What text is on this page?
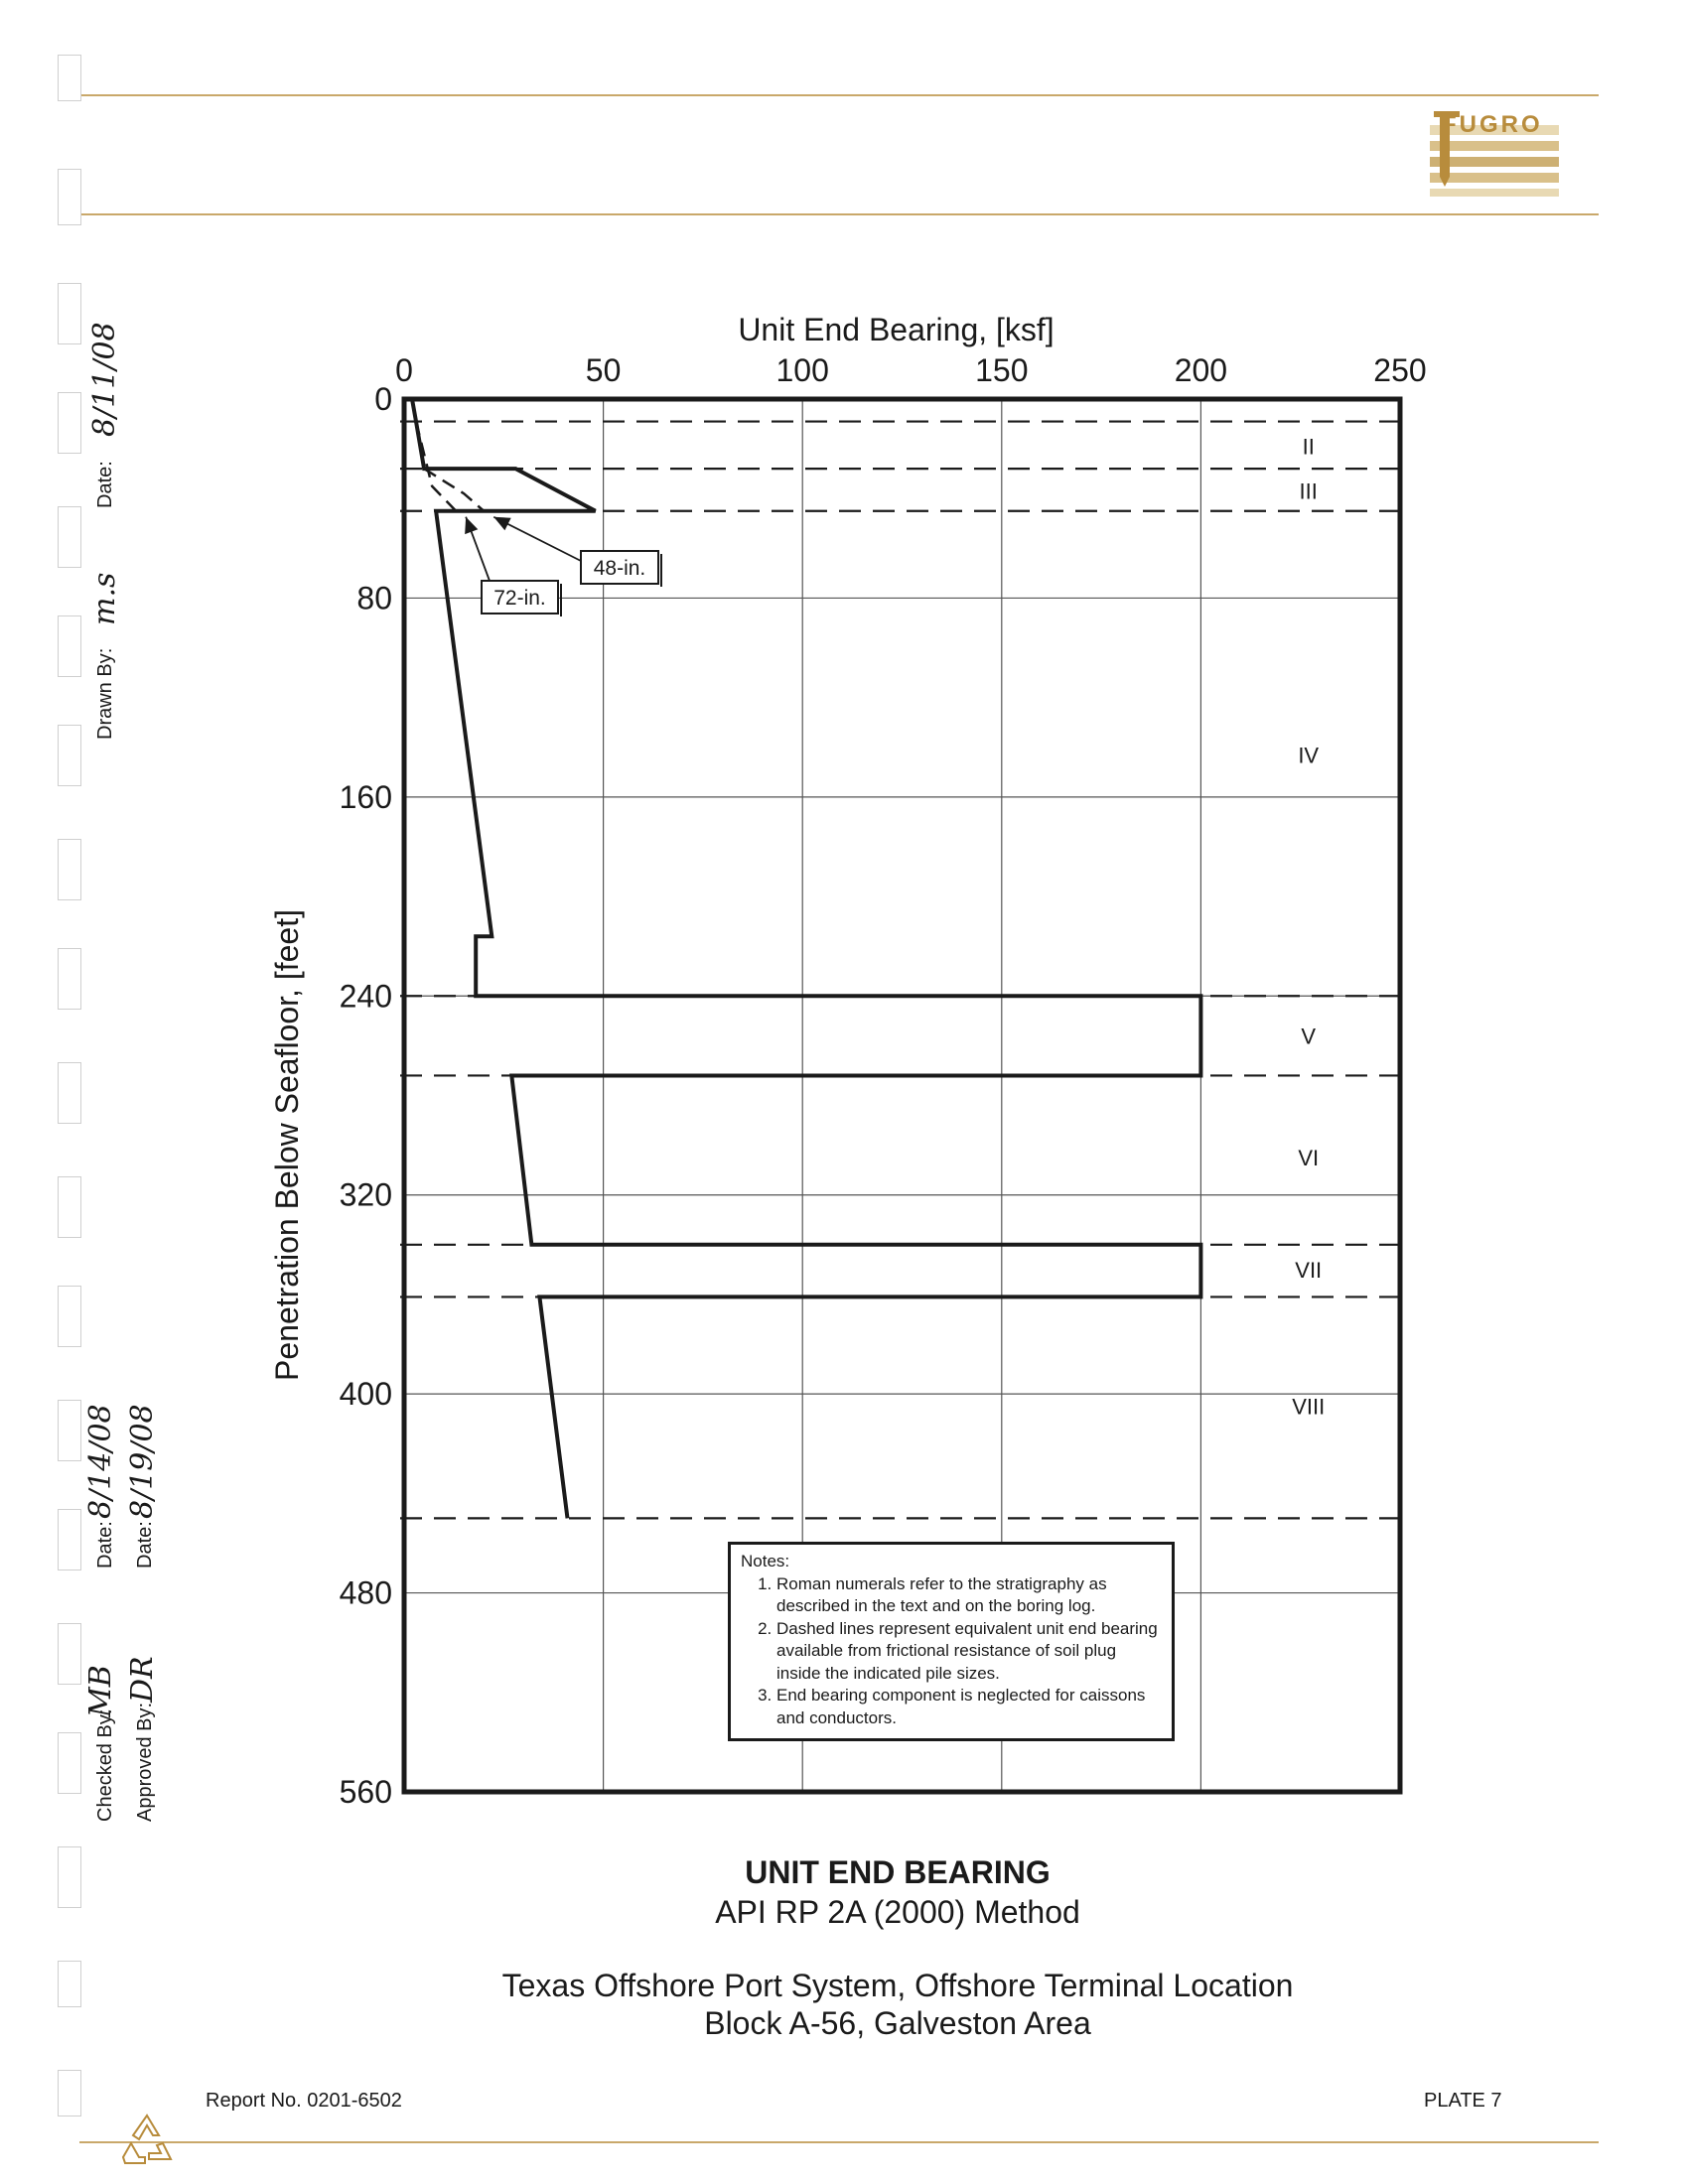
Date:
8/11/08
Drawn By:
m.s
Date:
8/14/08
Date:
8/19/08
Checked By:
MB
Approved By:
DR
FUGRO
II
III
IV
V
VI
VII
VIII
48-in.
72-in.
0	50	100	150	200	250
0
80
160
240
320
400
480
560
Unit End Bearing, [ksf]
Penetration Below Seafloor, [feet]
Notes:
1. Roman numerals refer to the stratigraphy as described in the text and on the boring log.
2. Dashed lines represent equivalent unit end bearing available from frictional resistance of soil plug inside the indicated pile sizes.
3. End bearing component is neglected for caissons and conductors.
UNIT END BEARING
API RP 2A (2000) Method
Texas Offshore Port System, Offshore Terminal Location
Block A-56, Galveston Area
Report No. 0201-6502	PLATE 7
